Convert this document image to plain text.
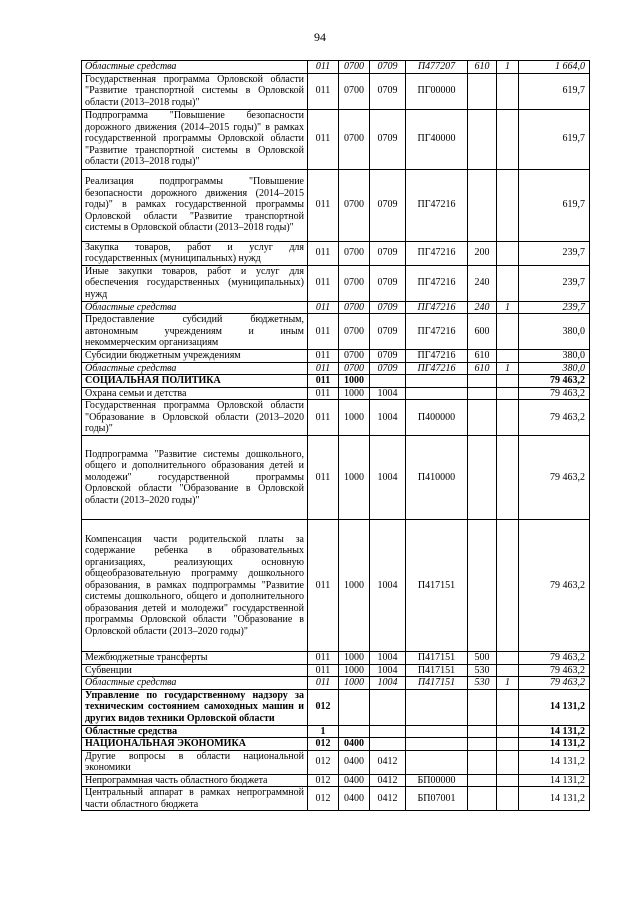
94
Областные средства	011	0700	0709	П477207	610	1	1 664,0
Государственная программа Орловской области "Развитие транспортной системы в Орловской области (2013–2018 годы)"	011	0700	0709	ПГ00000			619,7
Подпрограмма "Повышение безопасности дорожного движения (2014–2015 годы)" в рамках государственной программы Орловской области "Развитие транспортной системы в Орловской области (2013–2018 годы)"	011	0700	0709	ПГ40000			619,7
Реализация подпрограммы "Повышение безопасности дорожного движения (2014–2015 годы)" в рамках государственной программы Орловской области "Развитие транспортной системы в Орловской области (2013–2018 годы)"	011	0700	0709	ПГ47216			619,7
Закупка товаров, работ и услуг для государственных (муниципальных) нужд	011	0700	0709	ПГ47216	200		239,7
Иные закупки товаров, работ и услуг для обеспечения государственных (муниципальных) нужд	011	0700	0709	ПГ47216	240		239,7
Областные средства	011	0700	0709	ПГ47216	240	1	239,7
Предоставление субсидий бюджетным, автономным учреждениям и иным некоммерческим организациям	011	0700	0709	ПГ47216	600		380,0
Субсидии бюджетным учреждениям	011	0700	0709	ПГ47216	610		380,0
Областные средства	011	0700	0709	ПГ47216	610	1	380,0
СОЦИАЛЬНАЯ ПОЛИТИКА	011	1000					79 463,2
Охрана семьи и детства	011	1000	1004				79 463,2
Государственная программа Орловской области "Образование в Орловской области (2013–2020 годы)"	011	1000	1004	П400000			79 463,2
Подпрограмма "Развитие системы дошкольного, общего и дополнительного образования детей и молодежи" государственной программы Орловской области "Образование в Орловской области (2013–2020 годы)"	011	1000	1004	П410000			79 463,2
Компенсация части родительской платы за содержание ребенка в образовательных организациях, реализующих основную общеобразовательную программу дошкольного образования, в рамках подпрограммы "Развитие системы дошкольного, общего и дополнительного образования детей и молодежи" государственной программы Орловской области "Образование в Орловской области (2013–2020 годы)"	011	1000	1004	П417151			79 463,2
Межбюджетные трансферты	011	1000	1004	П417151	500		79 463,2
Субвенции	011	1000	1004	П417151	530		79 463,2
Областные средства	011	1000	1004	П417151	530	1	79 463,2
Управление по государственному надзору за техническим состоянием самоходных машин и других видов техники Орловской области	012						14 131,2
Областные средства	1						14 131,2
НАЦИОНАЛЬНАЯ ЭКОНОМИКА	012	0400					14 131,2
Другие вопросы в области национальной экономики	012	0400	0412				14 131,2
Непрограммная часть областного бюджета	012	0400	0412	БП00000			14 131,2
Центральный аппарат в рамках непрограммной части областного бюджета	012	0400	0412	БП07001			14 131,2
